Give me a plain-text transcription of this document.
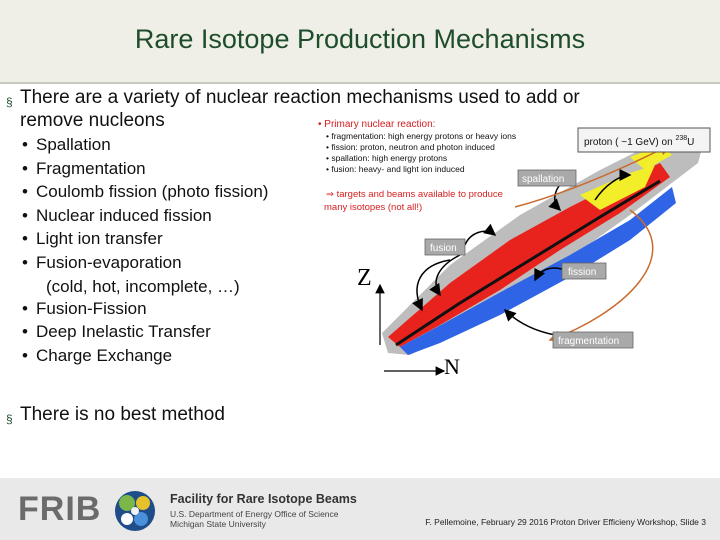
Rare Isotope Production Mechanisms
§ There are a variety of nuclear reaction mechanisms used to add or
remove nucleons
• Spallation
• Fragmentation
• Coulomb fission (photo fission)
• Nuclear induced fission
• Light ion transfer
• Fusion-evaporation
(cold, hot, incomplete, …)
• Fusion-Fission
• Deep Inelastic Transfer
• Charge Exchange
§ There is no best method
Z
N
• Primary nuclear reaction:
• fragmentation: high energy protons or heavy ions
• fission: proton, neutron and photon induced
• spallation: high energy protons
• fusion: heavy- and light ion induced
⇒ targets and beams available to produce
many isotopes (not all!)
proton ( ~1 GeV) on $^{238}$U
spallation
fusion
fission
fragmentation
FRIB	Facility for Rare Isotope Beams
U.S. Department of Energy Office of Science
Michigan State University	F. Pellemoine, February 29 2016 Proton Driver Efficieny Workshop, Slide 3
